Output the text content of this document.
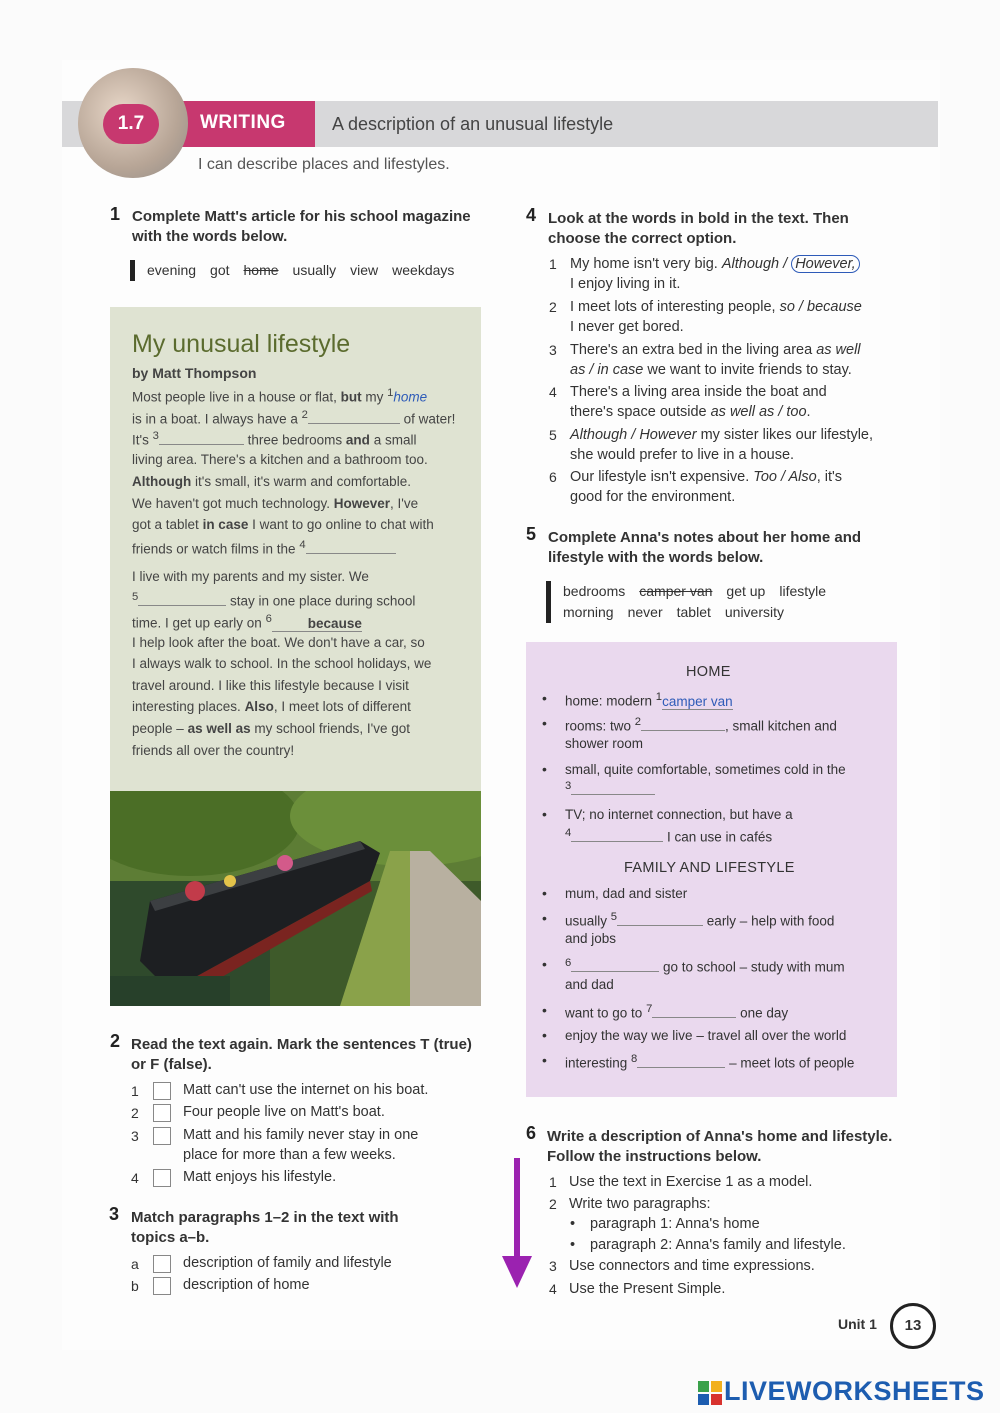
1.7	WRITING	A description of an unusual lifestyle
I can describe places and lifestyles.
1 Complete Matt's article for his school magazine
with the words below.
evening got home usually view weekdays
My unusual lifestyle
by Matt Thompson
Most people live in a house or flat, but my $^1$home
is in a boat. I always have a $^2$	of water!
It's $^3$	three bedrooms and a small
living area. There's a kitchen and a bathroom too.
Although it's small, it's warm and comfortable.
We haven't got much technology. However, I've
got a tablet in case I want to go online to chat with
friends or watch films in the $^4$
I live with my parents and my sister. We
$^5$	stay in one place during school
time. I get up early on $^6$	because
I help look after the boat. We don't have a car, so
I always walk to school. In the school holidays, we
travel around. I like this lifestyle because I visit
interesting places. Also, I meet lots of different
people – as well as my school friends, I've got
friends all over the country!
2 Read the text again. Mark the sentences T (true)
or F (false).
1	Matt can't use the internet on his boat.
2	Four people live on Matt's boat.
3	Matt and his family never stay in one
place for more than a few weeks.
4	Matt enjoys his lifestyle.
3 Match paragraphs 1–2 in the text with
topics a–b.
a	description of family and lifestyle
b	description of home
4 Look at the words in bold in the text. Then
choose the correct option.
1 My home isn't very big. Although / However,
I enjoy living in it.
2 I meet lots of interesting people, so / because
I never get bored.
3 There's an extra bed in the living area as well
as / in case we want to invite friends to stay.
4 There's a living area inside the boat and
there's space outside as well as / too.
5 Although / However my sister likes our lifestyle,
she would prefer to live in a house.
6 Our lifestyle isn't expensive. Too / Also, it's
good for the environment.
5 Complete Anna's notes about her home and
lifestyle with the words below.
bedrooms camper van get up lifestyle
morning never tablet university
HOME
• home: modern $^1$camper van
• rooms: two $^2$	, small kitchen and
shower room
• small, quite comfortable, sometimes cold in the
$^3$
• TV; no internet connection, but have a
$^4$	I can use in cafés
FAMILY AND LIFESTYLE
• mum, dad and sister
• usually $^5$	early – help with food
and jobs
• $^6$	go to school – study with mum
and dad
• want to go to $^7$	one day
• enjoy the way we live – travel all over the world
• interesting $^8$	– meet lots of people
6 Write a description of Anna's home and lifestyle.
Follow the instructions below.
1 Use the text in Exercise 1 as a model.
2 Write two paragraphs:
• paragraph 1: Anna's home
• paragraph 2: Anna's family and lifestyle.
3 Use connectors and time expressions.
4 Use the Present Simple.
Unit 1	13
LIVEWORKSHEETS
